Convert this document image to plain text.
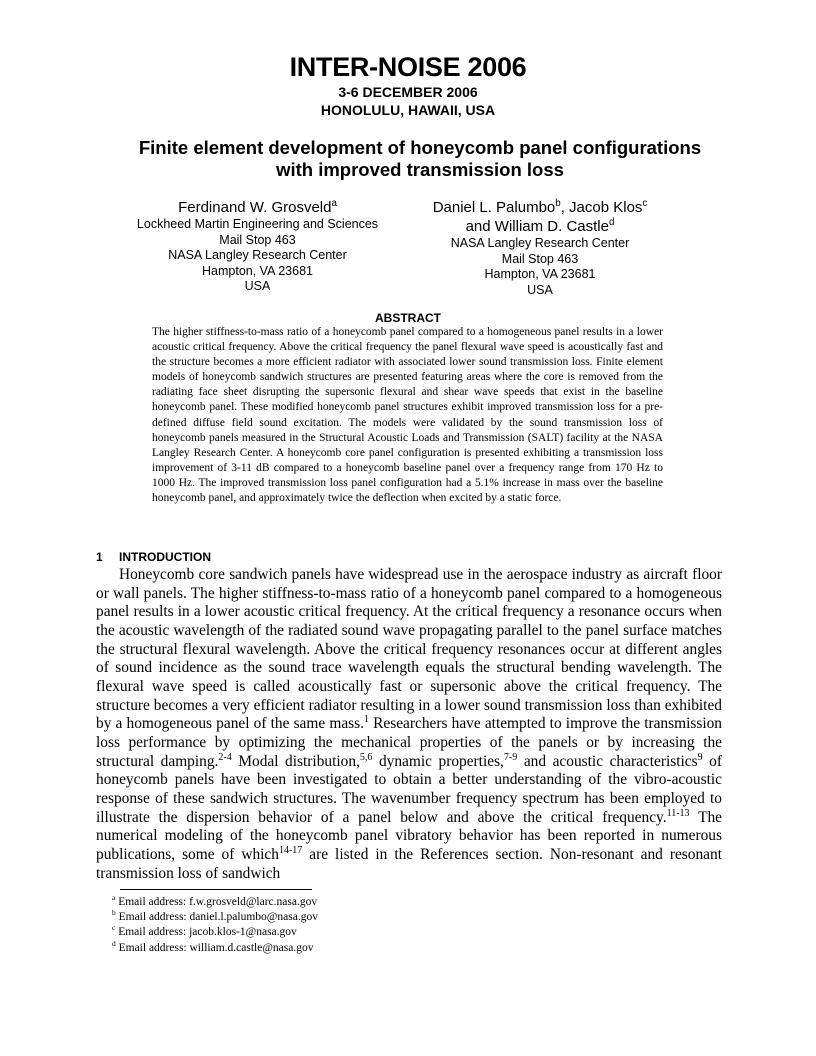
INTER-NOISE 2006
3-6 DECEMBER 2006
HONOLULU, HAWAII, USA
Finite element development of honeycomb panel configurations
with improved transmission loss
Ferdinand W. Grosveld$^a$
Lockheed Martin Engineering and Sciences
Mail Stop 463
NASA Langley Research Center
Hampton, VA 23681
USA
Daniel L. Palumbo$^b$, Jacob Klos$^c$
and William D. Castle$^d$
NASA Langley Research Center
Mail Stop 463
Hampton, VA 23681
USA
ABSTRACT
The higher stiffness-to-mass ratio of a honeycomb panel compared to a homogeneous panel results in a lower acoustic critical frequency. Above the critical frequency the panel flexural wave speed is acoustically fast and the structure becomes a more efficient radiator with associated lower sound transmission loss. Finite element models of honeycomb sandwich structures are presented featuring areas where the core is removed from the radiating face sheet disrupting the supersonic flexural and shear wave speeds that exist in the baseline honeycomb panel. These modified honeycomb panel structures exhibit improved transmission loss for a pre-defined diffuse field sound excitation. The models were validated by the sound transmission loss of honeycomb panels measured in the Structural Acoustic Loads and Transmission (SALT) facility at the NASA Langley Research Center. A honeycomb core panel configuration is presented exhibiting a transmission loss improvement of 3-11 dB compared to a honeycomb baseline panel over a frequency range from 170 Hz to 1000 Hz. The improved transmission loss panel configuration had a 5.1% increase in mass over the baseline honeycomb panel, and approximately twice the deflection when excited by a static force.
1 INTRODUCTION
Honeycomb core sandwich panels have widespread use in the aerospace industry as aircraft floor or wall panels. The higher stiffness-to-mass ratio of a honeycomb panel compared to a homogeneous panel results in a lower acoustic critical frequency. At the critical frequency a resonance occurs when the acoustic wavelength of the radiated sound wave propagating parallel to the panel surface matches the structural flexural wavelength. Above the critical frequency resonances occur at different angles of sound incidence as the sound trace wavelength equals the structural bending wavelength. The flexural wave speed is called acoustically fast or supersonic above the critical frequency. The structure becomes a very efficient radiator resulting in a lower sound transmission loss than exhibited by a homogeneous panel of the same mass.$^1$ Researchers have attempted to improve the transmission loss performance by optimizing the mechanical properties of the panels or by increasing the structural damping.$^{2-4}$ Modal distribution,$^{5,6}$ dynamic properties,$^{7-9}$ and acoustic characteristics$^9$ of honeycomb panels have been investigated to obtain a better understanding of the vibro-acoustic response of these sandwich structures. The wavenumber frequency spectrum has been employed to illustrate the dispersion behavior of a panel below and above the critical frequency.$^{11-13}$ The numerical modeling of the honeycomb panel vibratory behavior has been reported in numerous publications, some of which$^{14-17}$ are listed in the References section. Non-resonant and resonant transmission loss of sandwich
$^a$ Email address: f.w.grosveld@larc.nasa.gov
$^b$ Email address: daniel.l.palumbo@nasa.gov
$^c$ Email address: jacob.klos-1@nasa.gov
$^d$ Email address: william.d.castle@nasa.gov
